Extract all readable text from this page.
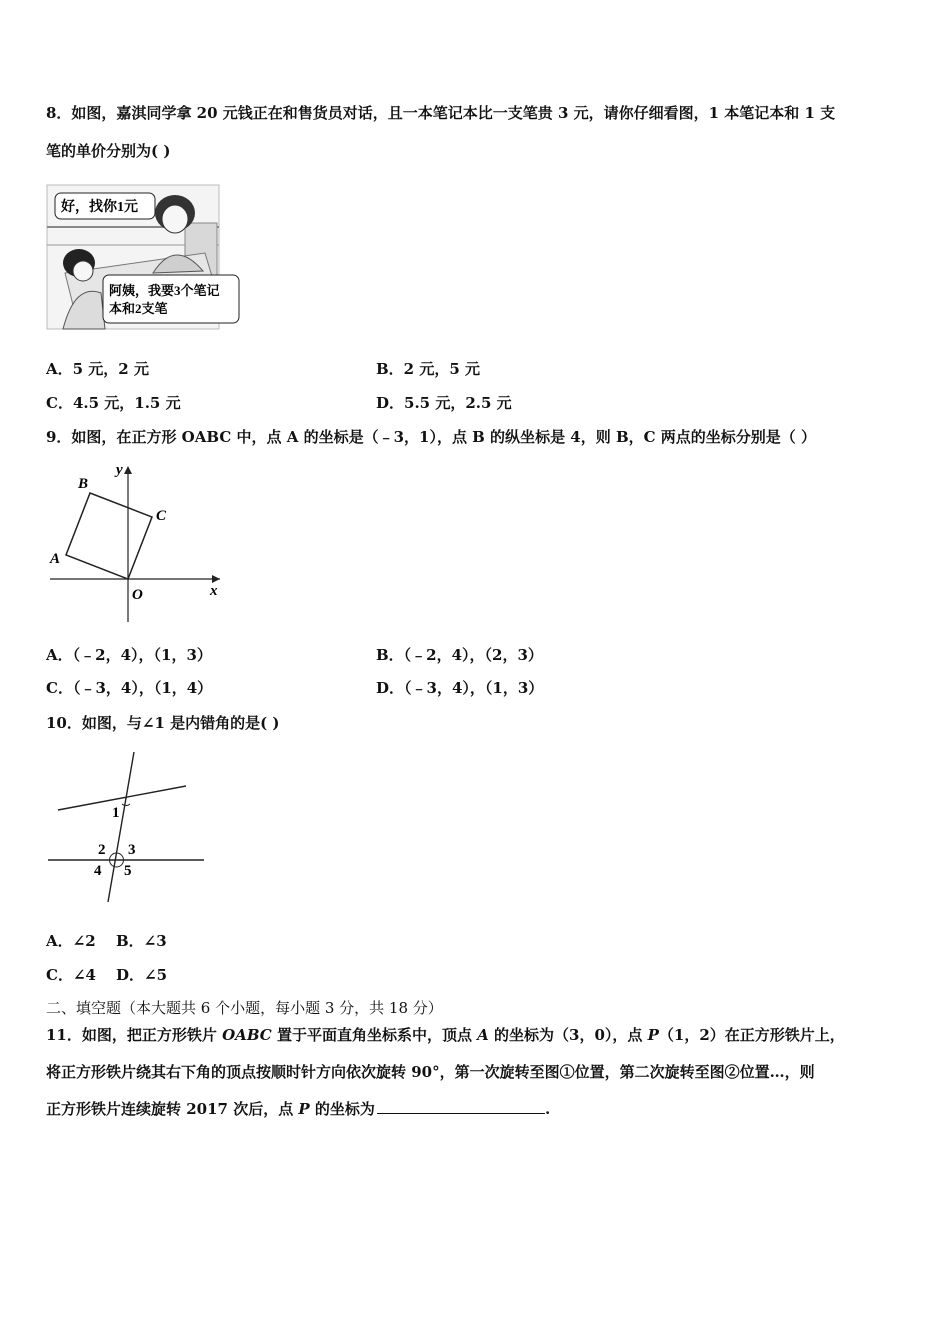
8．如图，嘉淇同学拿 20 元钱正在和售货员对话，且一本笔记本比一支笔贵 3 元，请你仔细看图，1 本笔记本和 1 支
笔的单价分别为( )
好，找你1元
阿姨，我要3个笔记
本和2支笔
A．5 元，2 元	B．2 元，5 元
C．4.5 元，1.5 元	D．5.5 元，2.5 元
9．如图，在正方形 OABC 中，点 A 的坐标是（﹣3，1），点 B 的纵坐标是 4，则 B，C 两点的坐标分别是（ ）
B
C
A
O	x
y
A．（﹣2，4），（1，3）	B．（﹣2，4），（2，3）
C．（﹣3，4），（1，4）	D．（﹣3，4），（1，3）
10．如图，与∠1 是内错角的是( )
1
2 3
4 5
A．∠2 B．∠3
C．∠4 D．∠5
二、填空题（本大题共 6 个小题，每小题 3 分，共 18 分）
11．如图，把正方形铁片 OABC 置于平面直角坐标系中，顶点 A 的坐标为（3，0），点 P（1，2）在正方形铁片上，
将正方形铁片绕其右下角的顶点按顺时针方向依次旋转 90°，第一次旋转至图①位置，第二次旋转至图②位置…，则
正方形铁片连续旋转 2017 次后，点 P 的坐标为	.
